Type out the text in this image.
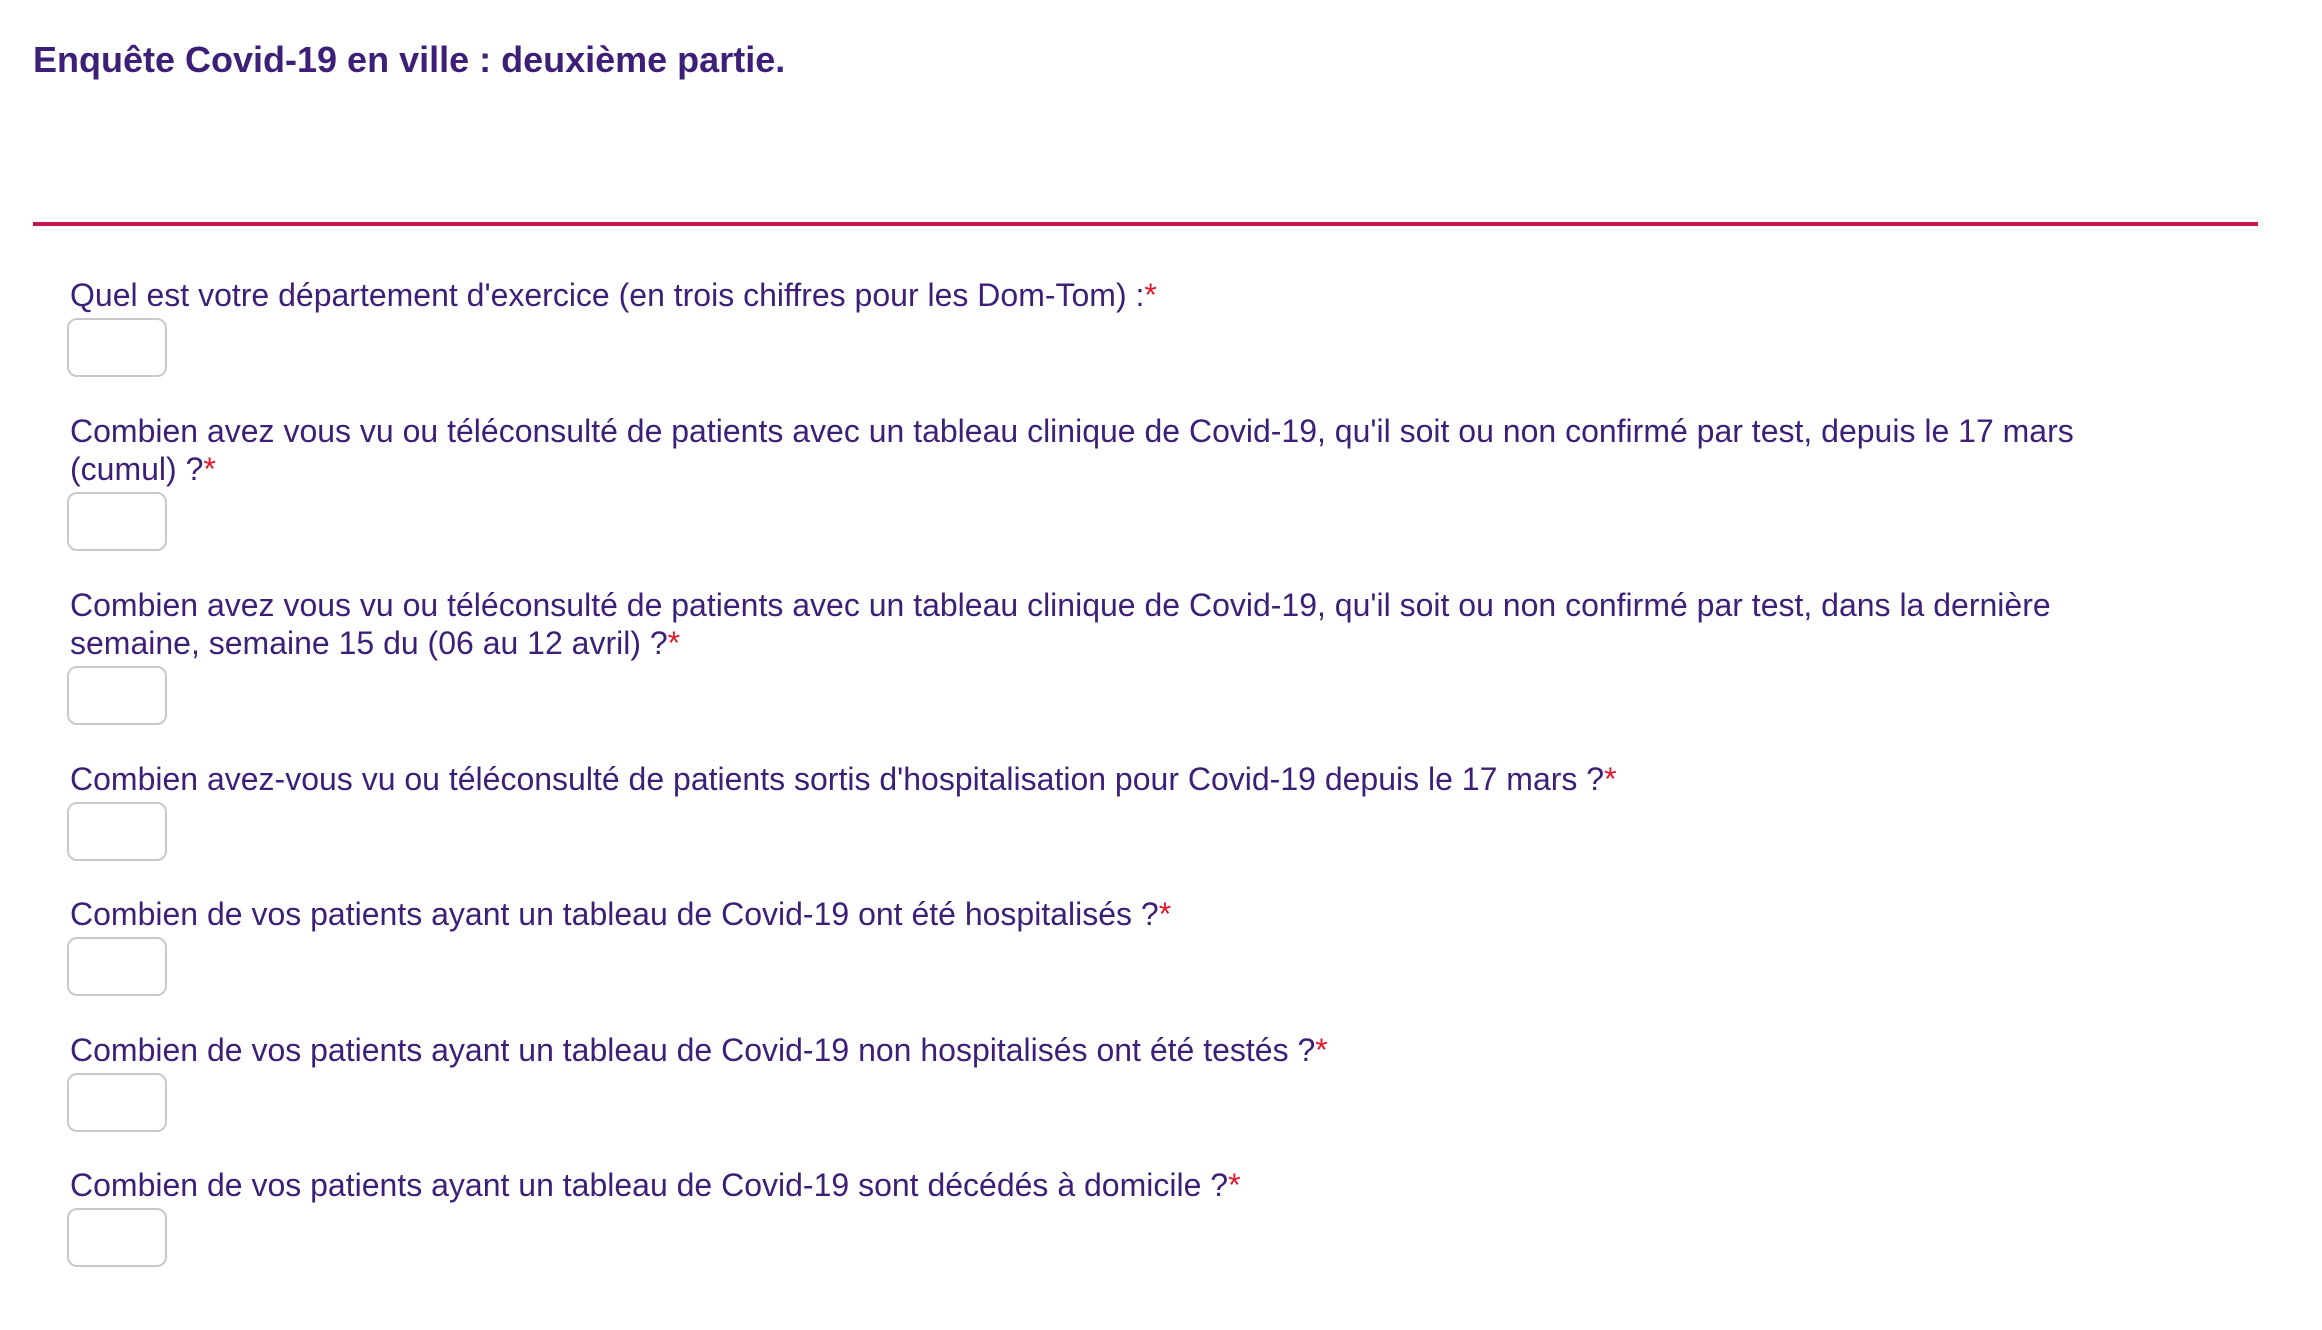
Enquête Covid-19 en ville : deuxième partie.

Quel est votre département d'exercice (en trois chiffres pour les Dom-Tom) :*

Combien avez vous vu ou téléconsulté de patients avec un tableau clinique de Covid-19, qu'il soit ou non confirmé par test, depuis le 17 mars
(cumul) ?*

Combien avez vous vu ou téléconsulté de patients avec un tableau clinique de Covid-19, qu'il soit ou non confirmé par test, dans la dernière
semaine, semaine 15 du (06 au 12 avril) ?*

Combien avez-vous vu ou téléconsulté de patients sortis d'hospitalisation pour Covid-19 depuis le 17 mars ?*

Combien de vos patients ayant un tableau de Covid-19 ont été hospitalisés ?*

Combien de vos patients ayant un tableau de Covid-19 non hospitalisés ont été testés ?*

Combien de vos patients ayant un tableau de Covid-19 sont décédés à domicile ?*
